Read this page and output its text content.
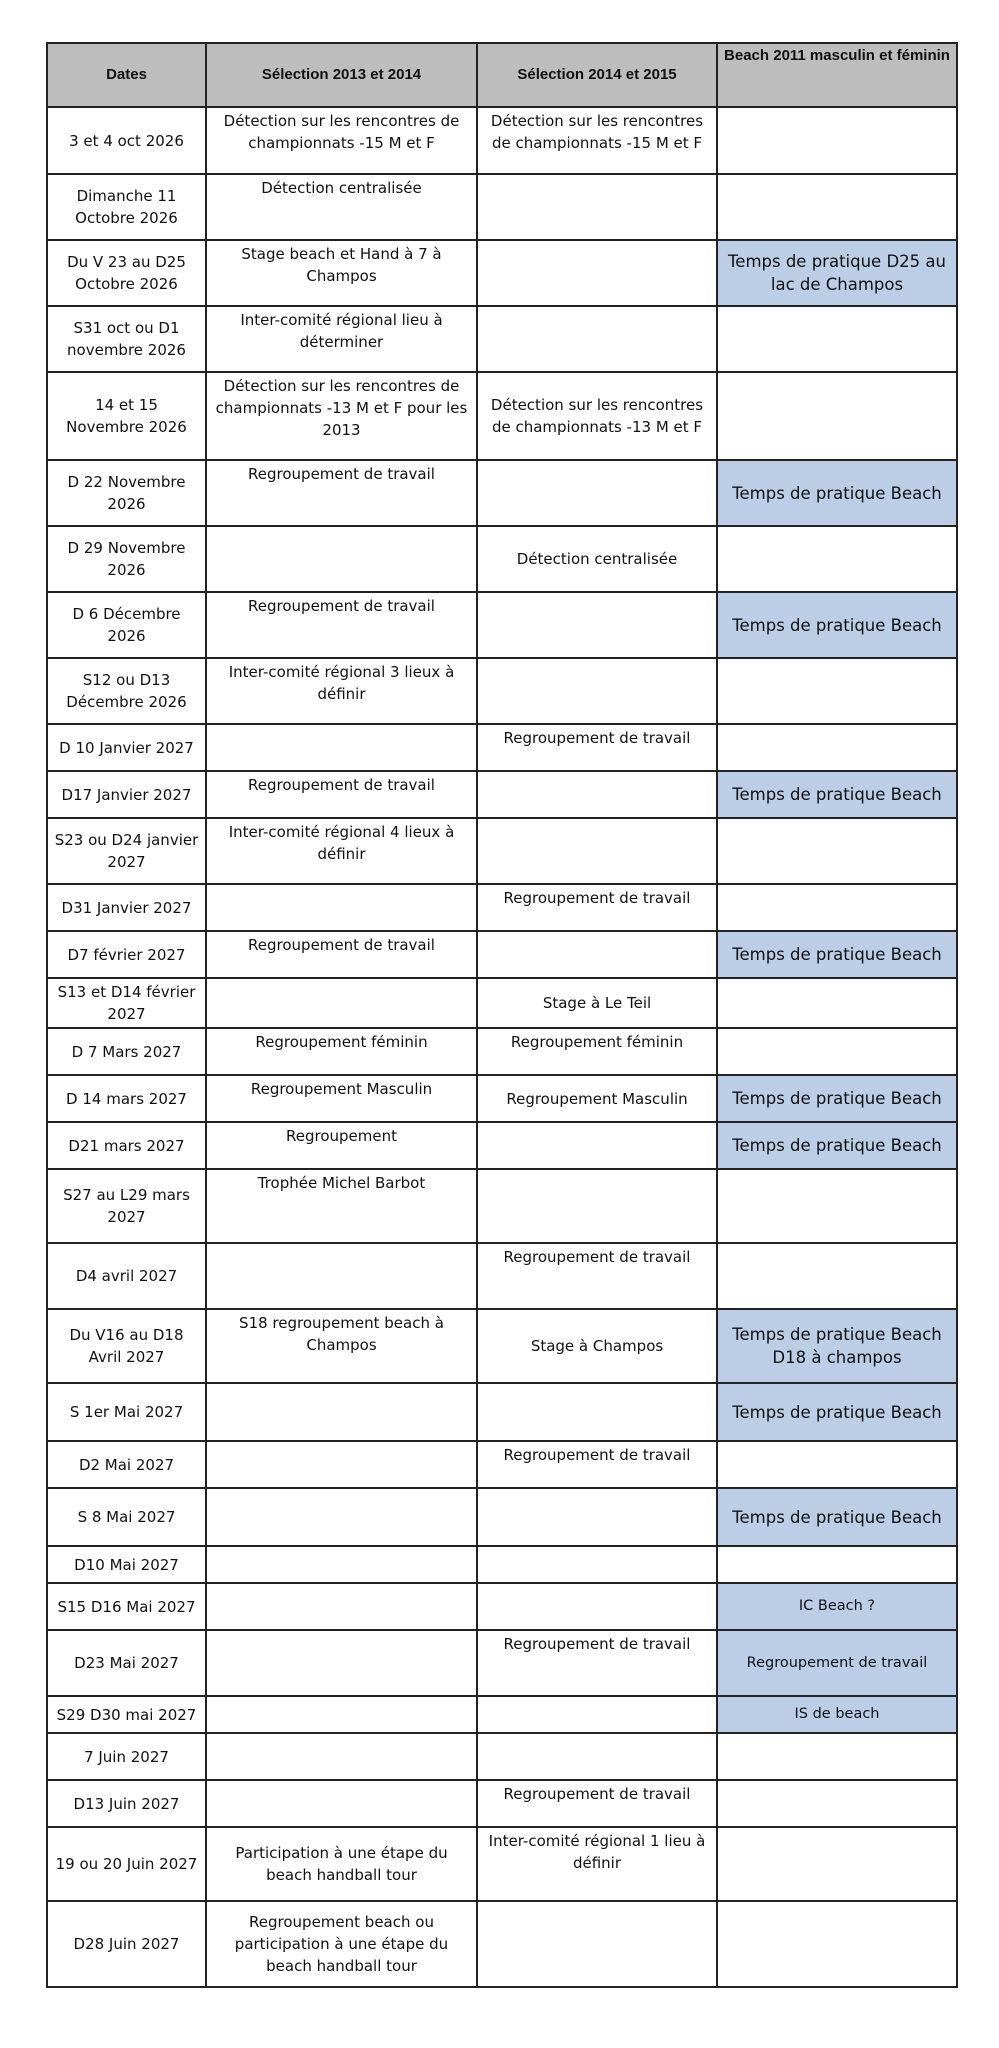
Dates	Sélection 2013 et 2014	Sélection 2014 et 2015	Beach 2011 masculin et féminin
3 et 4 oct 2026	Détection sur les rencontres de championnats -15 M et F	Détection sur les rencontres de championnats -15 M et F	
Dimanche 11 Octobre 2026	Détection centralisée		
Du V 23 au D25 Octobre 2026	Stage beach et Hand à 7 à Champos		Temps de pratique D25 au lac de Champos
S31 oct ou D1 novembre 2026	Inter-comité régional lieu à déterminer		
14 et 15 Novembre 2026	Détection sur les rencontres de championnats -13 M et F pour les 2013	Détection sur les rencontres de championnats -13 M et F	
D 22 Novembre 2026	Regroupement de travail		Temps de pratique Beach
D 29 Novembre 2026		Détection centralisée	
D 6 Décembre 2026	Regroupement de travail		Temps de pratique Beach
S12 ou D13 Décembre 2026	Inter-comité régional 3 lieux à définir		
D 10 Janvier 2027		Regroupement de travail	
D17 Janvier 2027	Regroupement de travail		Temps de pratique Beach
S23 ou D24 janvier 2027	Inter-comité régional 4 lieux à définir		
D31 Janvier 2027		Regroupement de travail	
D7 février 2027	Regroupement de travail		Temps de pratique Beach
S13 et D14 février 2027		Stage à Le Teil	
D 7 Mars 2027	Regroupement féminin	Regroupement féminin	
D 14 mars 2027	Regroupement Masculin	Regroupement Masculin	Temps de pratique Beach
D21 mars 2027	Regroupement		Temps de pratique Beach
S27 au L29 mars 2027	Trophée Michel Barbot		
D4 avril 2027		Regroupement de travail	
Du V16 au D18 Avril 2027	S18 regroupement beach à Champos	Stage à Champos	Temps de pratique Beach D18 à champos
S 1er Mai 2027			Temps de pratique Beach
D2 Mai 2027		Regroupement de travail	
S 8 Mai 2027			Temps de pratique Beach
D10 Mai 2027			
S15 D16 Mai 2027			IC Beach ?
D23 Mai 2027		Regroupement de travail	Regroupement de travail
S29 D30 mai 2027			IS de beach
7 Juin 2027			
D13 Juin 2027		Regroupement de travail	
19 ou 20 Juin 2027	Participation à une étape du beach handball tour	Inter-comité régional 1 lieu à définir	
D28 Juin 2027	Regroupement beach ou participation à une étape du beach handball tour		
